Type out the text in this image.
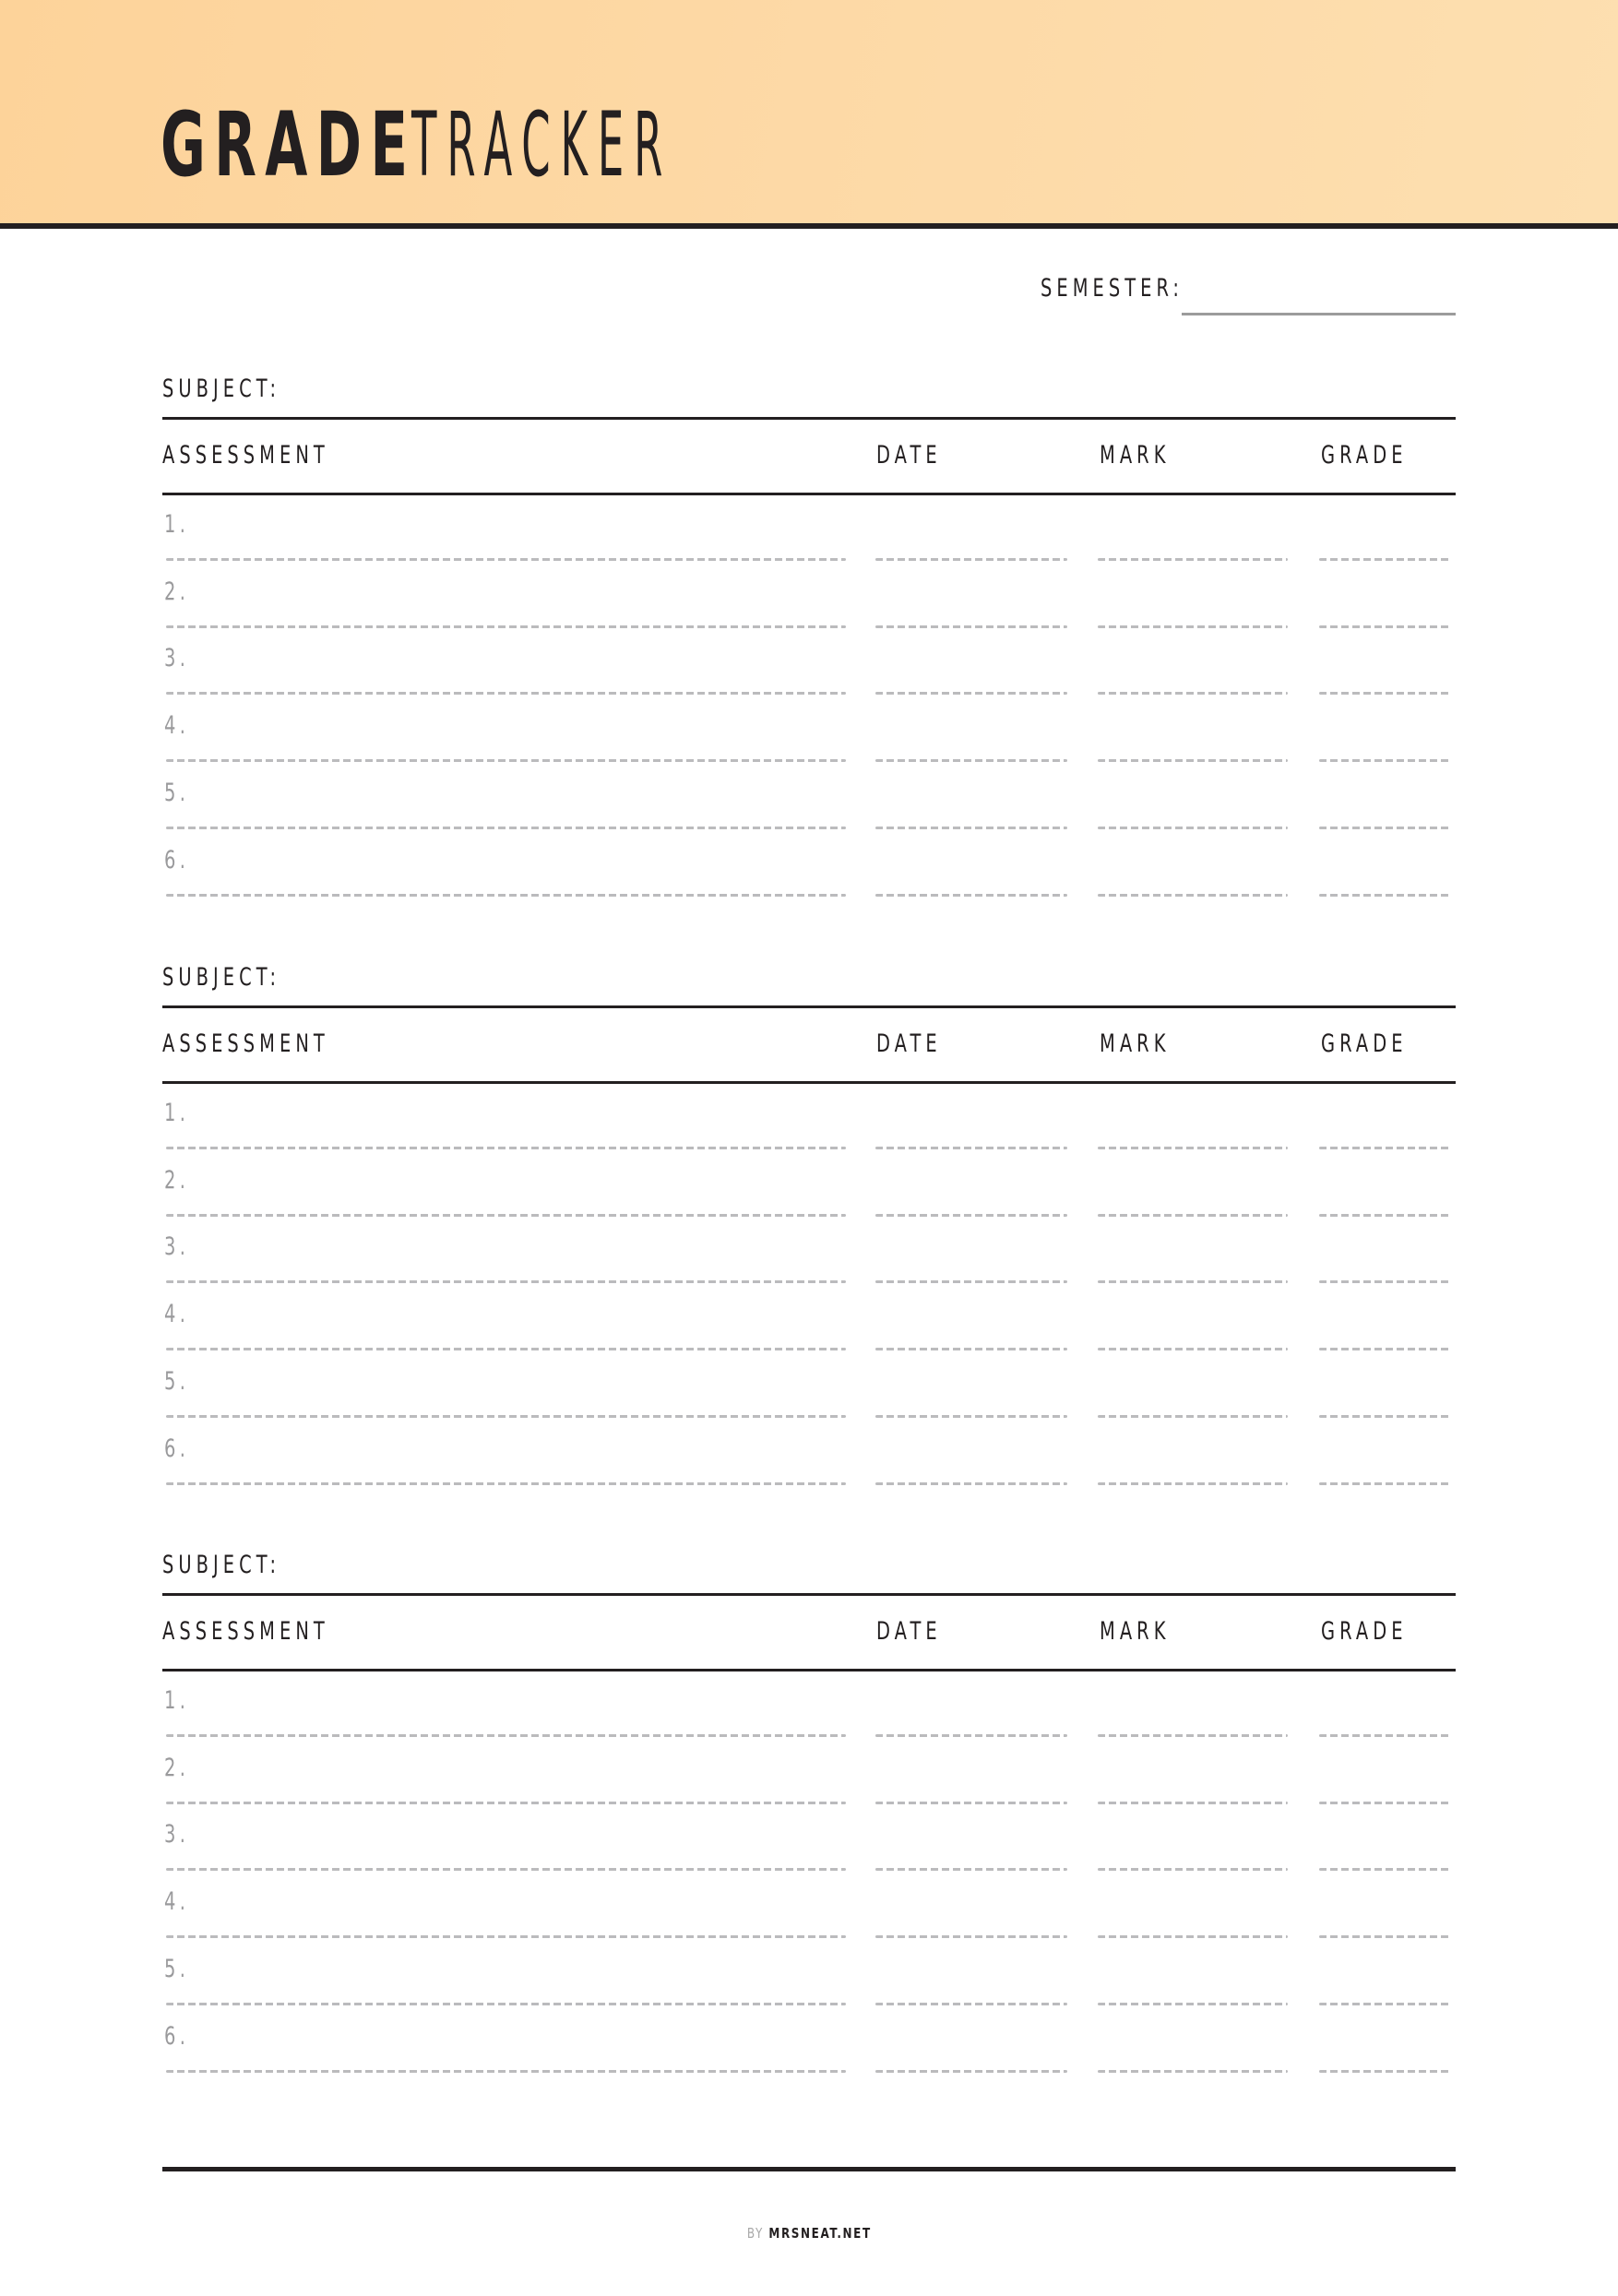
GRADE
TRACKER
SEMESTER:
SUBJECT:
ASSESSMENT	DATE	MARK	GRADE
1.
2.
3.
4.
5.
6.
SUBJECT:
ASSESSMENT	DATE	MARK	GRADE
1.
2.
3.
4.
5.
6.
SUBJECT:
ASSESSMENT	DATE	MARK	GRADE
1.
2.
3.
4.
5.
6.
BY MRSNEAT.NET
